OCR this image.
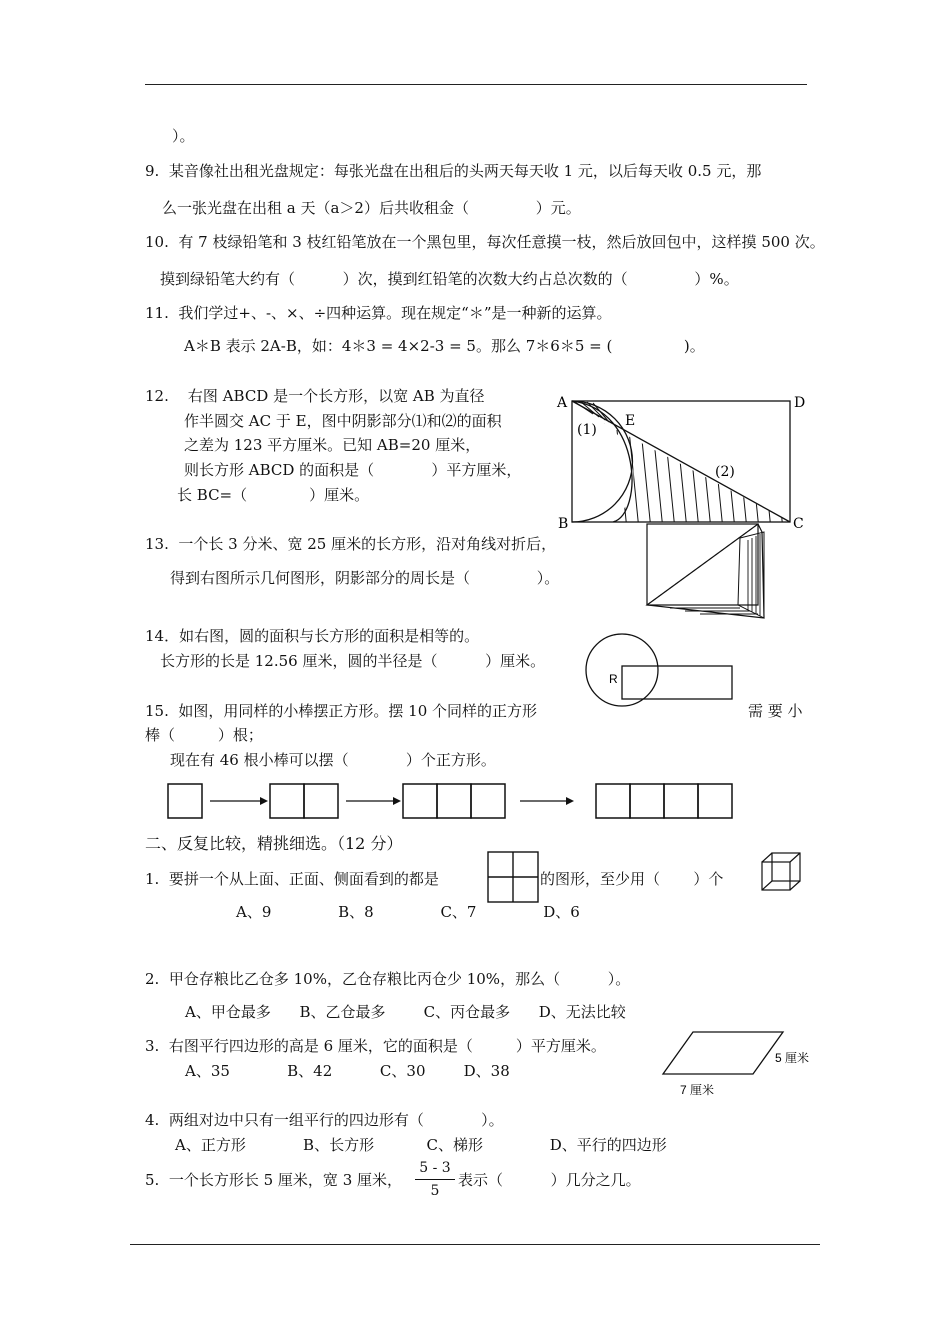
）。
9.  某音像社出租光盘规定：每张光盘在出租后的头两天每天收 1 元，以后每天收 0.5 元，那
么一张光盘在出租 a 天（a＞2）后共收租金（              ）元。
10.  有 7 枝绿铅笔和 3 枝红铅笔放在一个黑包里，每次任意摸一枝，然后放回包中，这样摸 500 次。
摸到绿铅笔大约有（          ）次，摸到红铅笔的次数大约占总次数的（              ）%。
11.  我们学过+、-、×、÷四种运算。现在规定“＊”是一种新的运算。
A＊B 表示 2A-B，如：4＊3 = 4×2-3 = 5。那么 7＊6＊5 = (               )。
12.    右图 ABCD 是一个长方形，以宽 AB 为直径
作半圆交 AC 于 E，图中阴影部分⑴和⑵的面积
之差为 123 平方厘米。已知 AB=20 厘米，
则长方形 ABCD 的面积是（            ）平方厘米，
长 BC=（             ）厘米。
13.  一个长 3 分米、宽 25 厘米的长方形，沿对角线对折后，
得到右图所示几何图形，阴影部分的周长是（              ）。
14．如右图，圆的面积与长方形的面积是相等的。
长方形的长是 12.56 厘米，圆的半径是（          ）厘米。
15.  如图，用同样的小棒摆正方形。摆 10 个同样的正方形	需 要 小
棒（         ）根；
现在有 46 根小棒可以摆（            ）个正方形。
A	D
B	C
E
(1)
(2)
R
二、反复比较，精挑细选。（12 分）
1.  要拼一个从上面、正面、侧面看到的都是	的图形，至少用（       ）个
A、9              B、8              C、7              D、6
2.  甲仓存粮比乙仓多 10%，乙仓存粮比丙仓少 10%，那么（          ）。
A、甲仓最多      B、乙仓最多        C、丙仓最多      D、无法比较
3.  右图平行四边形的高是 6 厘米，它的面积是（         ）平方厘米。
5 厘米
7 厘米
A、35            B、42          C、30        D、38
4.  两组对边中只有一组平行的四边形有（            ）。
A、正方形            B、长方形           C、梯形              D、平行的四边形
5.  一个长方形长 5 厘米，宽 3 厘米， $\frac{5 - 3}{5}$ 表示（          ）几分之几。
